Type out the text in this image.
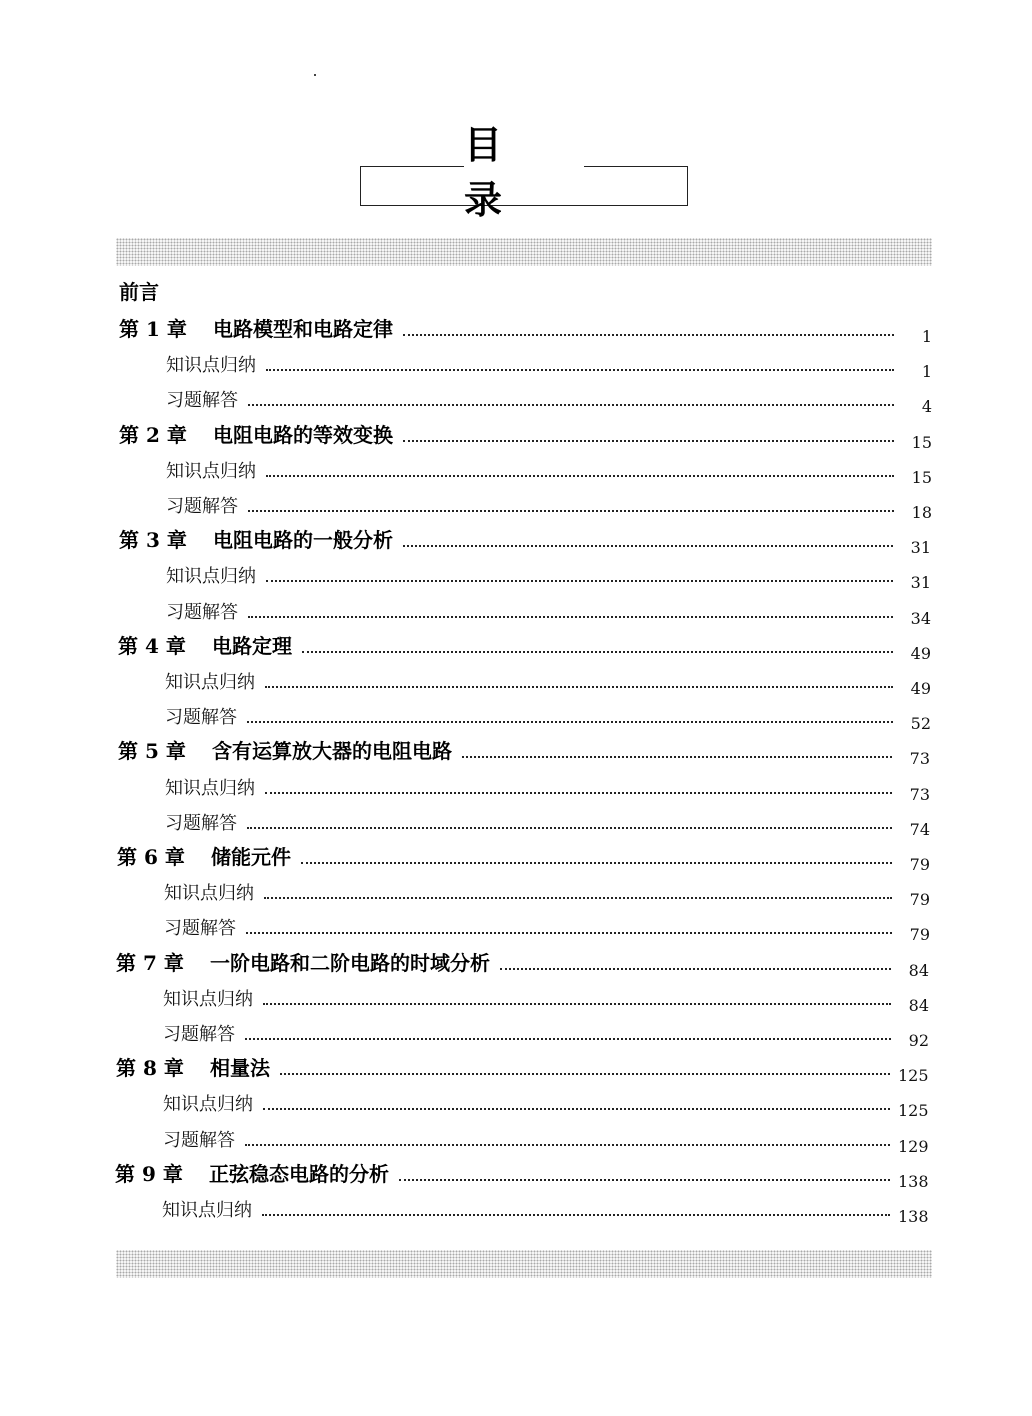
目 录
前言
第 1 章	电路模型和电路定律	1
知识点归纳	1
习题解答	4
第 2 章	电阻电路的等效变换	15
知识点归纳	15
习题解答	18
第 3 章	电阻电路的一般分析	31
知识点归纳	31
习题解答	34
第 4 章	电路定理	49
知识点归纳	49
习题解答	52
第 5 章	含有运算放大器的电阻电路	73
知识点归纳	73
习题解答	74
第 6 章	储能元件	79
知识点归纳	79
习题解答	79
第 7 章	一阶电路和二阶电路的时域分析	84
知识点归纳	84
习题解答	92
第 8 章	相量法	125
知识点归纳	125
习题解答	129
第 9 章	正弦稳态电路的分析	138
知识点归纳	138
